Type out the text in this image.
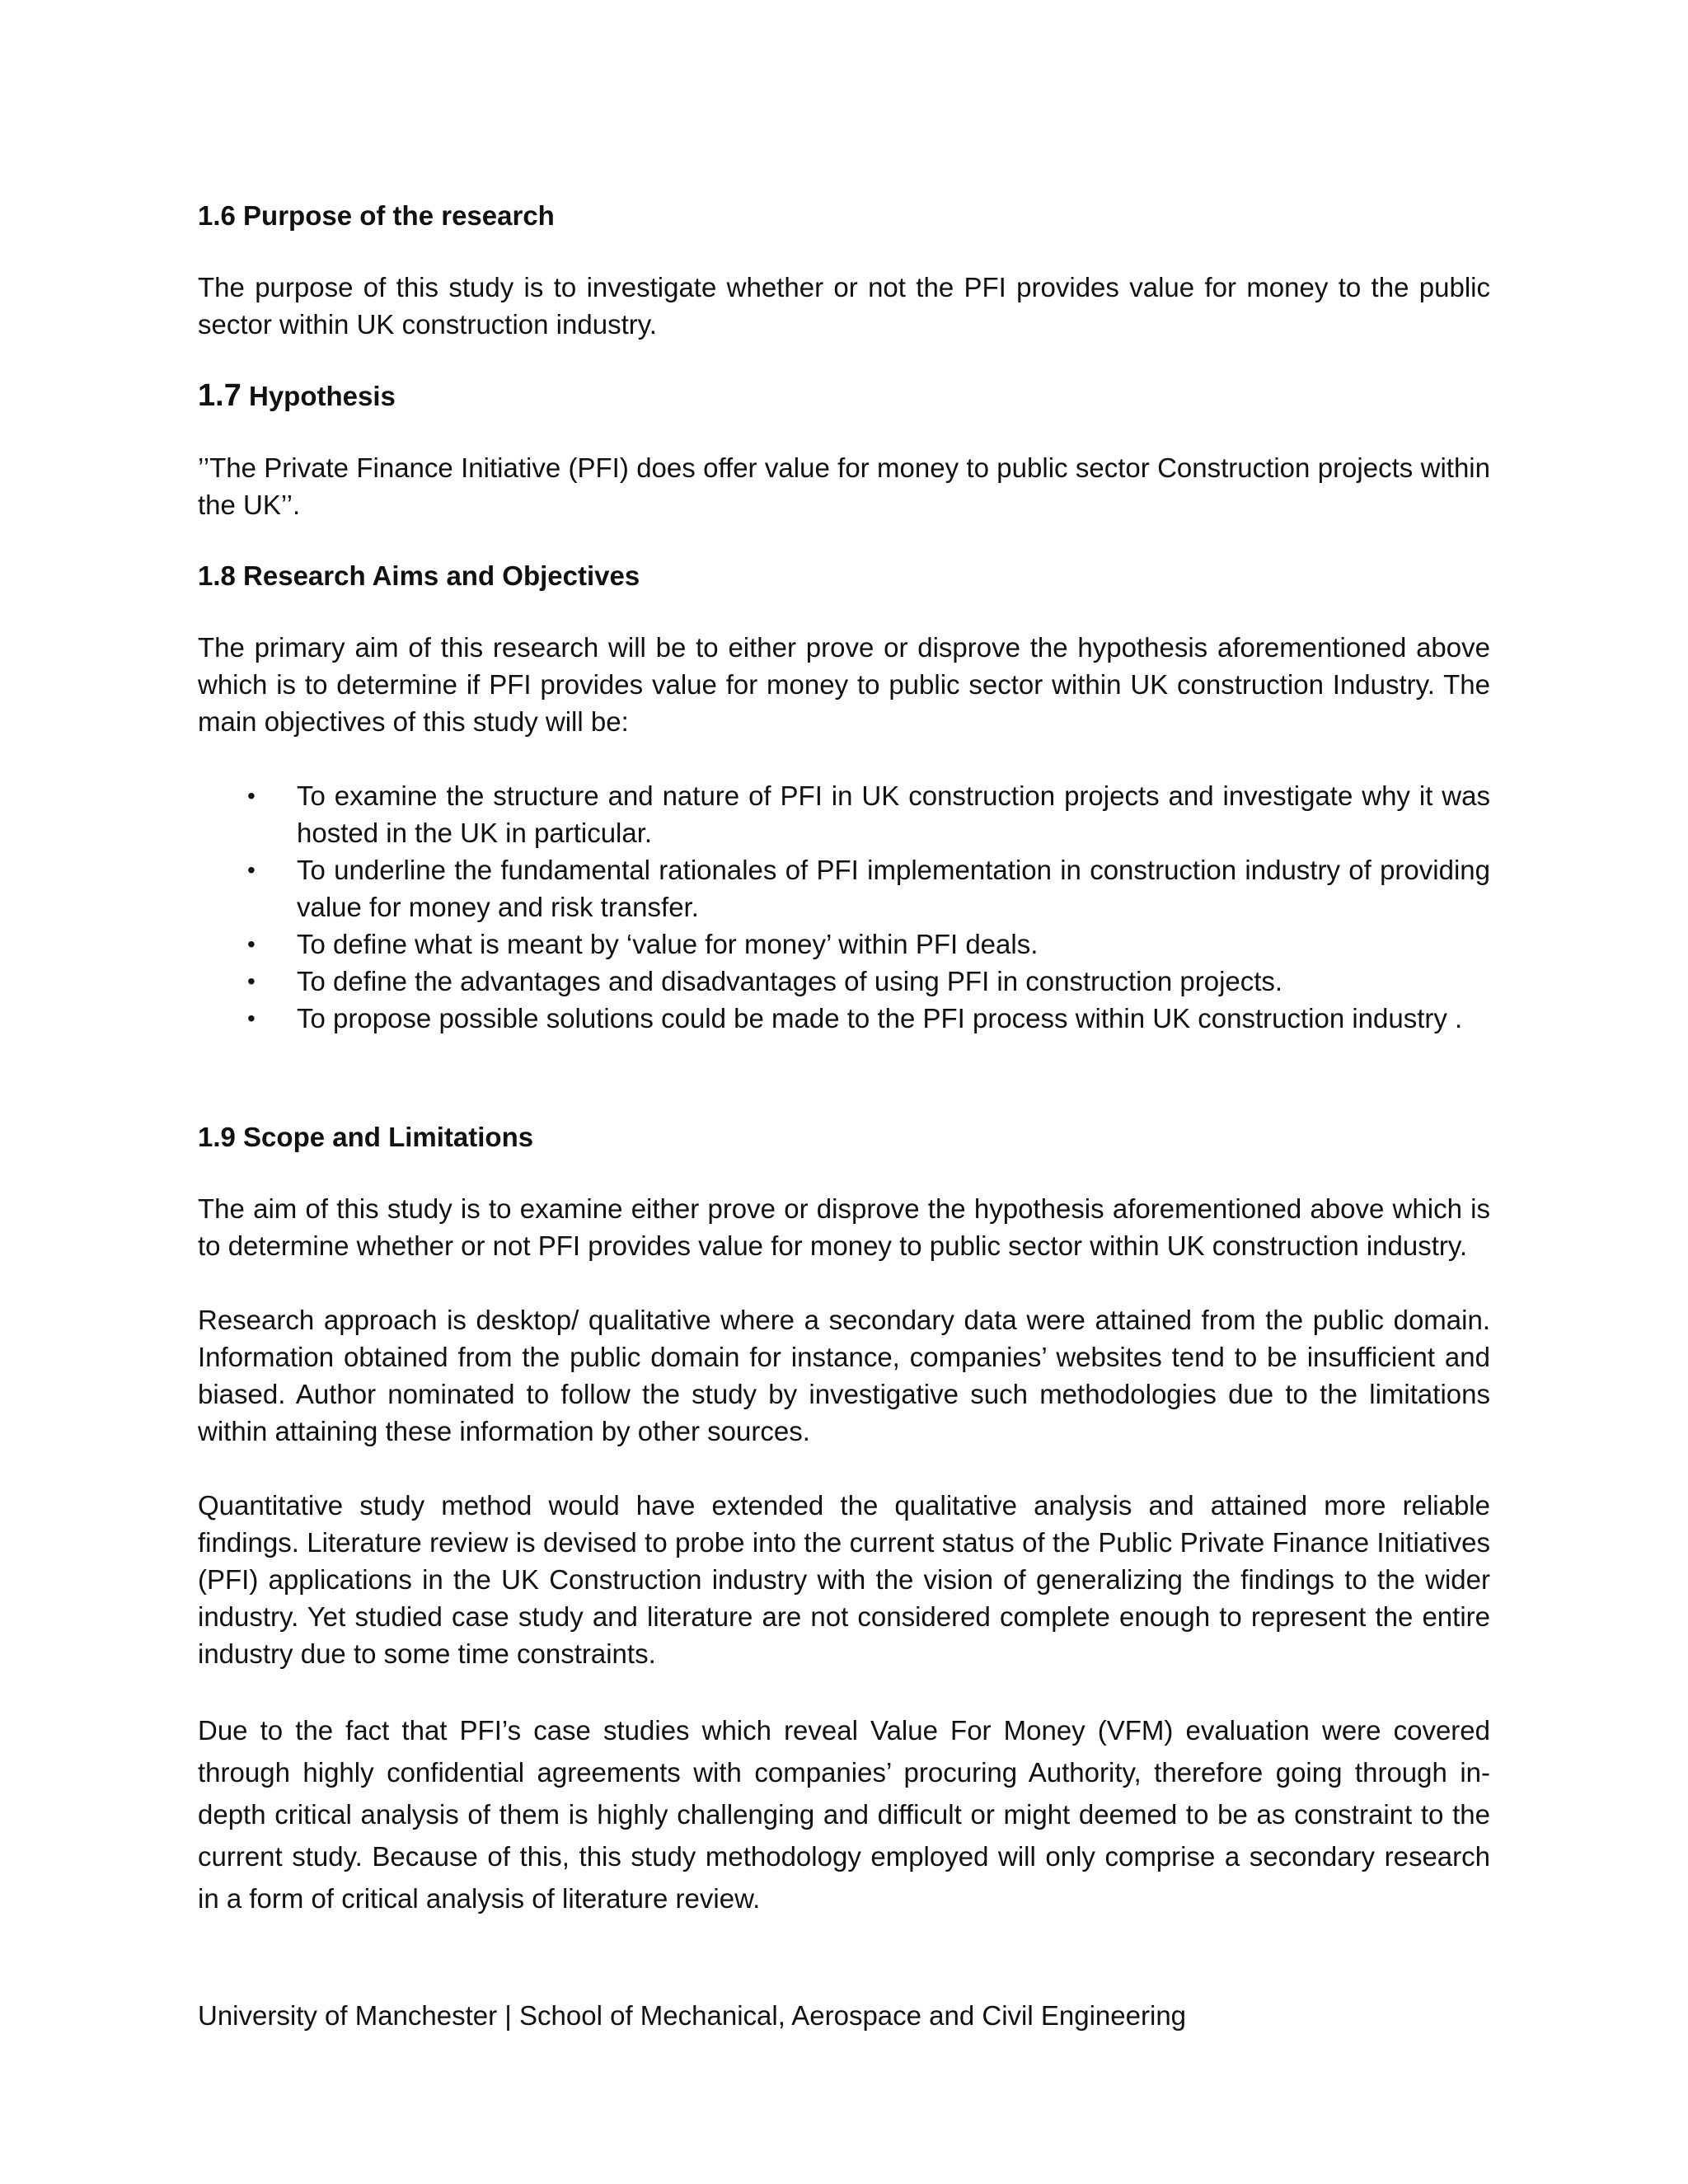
1.6 Purpose of the research

The purpose of this study is to investigate whether or not the PFI provides value for money to the public sector within UK construction industry.

1.7 Hypothesis

’’The Private Finance Initiative (PFI) does offer value for money to public sector Construction projects within the UK’’.

1.8 Research Aims and Objectives

The primary aim of this research will be to either prove or disprove the hypothesis aforementioned above which is to determine if PFI provides value for money to public sector within UK construction Industry. The main objectives of this study will be:

• To examine the structure and nature of PFI in UK construction projects and investigate why it was hosted in the UK in particular.
• To underline the fundamental rationales of PFI implementation in construction industry of providing value for money and risk transfer.
• To define what is meant by ‘value for money’ within PFI deals.
• To define the advantages and disadvantages of using PFI in construction projects.
• To propose possible solutions could be made to the PFI process within UK construction industry .
1.9 Scope and Limitations

The aim of this study is to examine either prove or disprove the hypothesis aforementioned above which is to determine whether or not PFI provides value for money to public sector within UK construction industry.

Research approach is desktop/ qualitative where a secondary data were attained from the public domain. Information obtained from the public domain for instance, companies’ websites tend to be insufficient and biased. Author nominated to follow the study by investigative such methodologies due to the limitations within attaining these information by other sources.

Quantitative study method would have extended the qualitative analysis and attained more reliable findings. Literature review is devised to probe into the current status of the Public Private Finance Initiatives (PFI) applications in the UK Construction industry with the vision of generalizing the findings to the wider industry. Yet studied case study and literature are not considered complete enough to represent the entire industry due to some time constraints.

Due to the fact that PFI’s case studies which reveal Value For Money (VFM) evaluation were covered through highly confidential agreements with companies’ procuring Authority, therefore going through in-depth critical analysis of them is highly challenging and difficult or might deemed to be as constraint to the current study. Because of this, this study methodology employed will only comprise a secondary research in a form of critical analysis of literature review.

University of Manchester | School of Mechanical, Aerospace and Civil Engineering
